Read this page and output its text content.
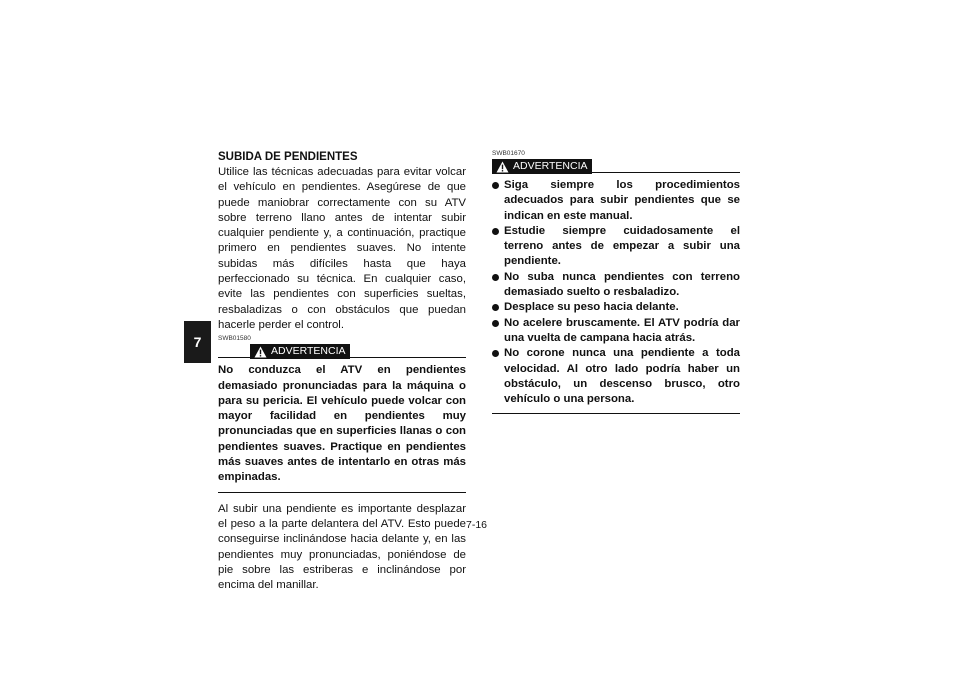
7

SUBIDA DE PENDIENTES

Utilice las técnicas adecuadas para evitar volcar el vehículo en pendientes. Asegúrese de que puede maniobrar correctamente con su ATV sobre terreno llano antes de intentar subir cualquier pendiente y, a continuación, practique primero en pendientes suaves. No intente subidas más difíciles hasta que haya perfeccionado su técnica. En cualquier caso, evite las pendientes con superficies sueltas, resbaladizas o con obstáculos que puedan hacerle perder el control.

SWB01580
ADVERTENCIA

No conduzca el ATV en pendientes demasiado pronunciadas para la máquina o para su pericia. El vehículo puede volcar con mayor facilidad en pendientes muy pronunciadas que en superficies llanas o con pendientes suaves. Practique en pendientes más suaves antes de intentarlo en otras más empinadas.

Al subir una pendiente es importante desplazar el peso a la parte delantera del ATV. Esto puede conseguirse inclinándose hacia delante y, en las pendientes muy pronunciadas, poniéndose de pie sobre las estriberas e inclinándose por encima del manillar.

SWB01670
ADVERTENCIA
Siga siempre los procedimientos adecuados para subir pendientes que se indican en este manual.
Estudie siempre cuidadosamente el terreno antes de empezar a subir una pendiente.
No suba nunca pendientes con terreno demasiado suelto o resbaladizo.
Desplace su peso hacia delante.
No acelere bruscamente. El ATV podría dar una vuelta de campana hacia atrás.
No corone nunca una pendiente a toda velocidad. Al otro lado podría haber un obstáculo, un descenso brusco, otro vehículo o una persona.
7-16
